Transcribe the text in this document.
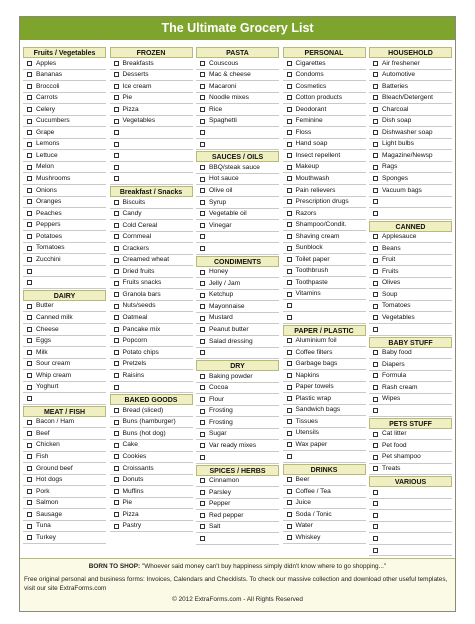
The Ultimate Grocery List
Fruits / Vegetables
Apples
Bananas
Broccoli
Carrots
Celery
Cucumbers
Grape
Lemons
Lettuce
Melon
Mushrooms
Onions
Oranges
Peaches
Peppers
Potatoes
Tomatoes
Zucchini
DAIRY
Butter
Canned milk
Cheese
Eggs
Milk
Sour cream
Whip cream
Yoghurt
MEAT / FISH
Bacon / Ham
Beef
Chicken
Fish
Ground beef
Hot dogs
Pork
Salmon
Sausage
Tuna
Turkey
FROZEN
Breakfasts
Desserts
Ice cream
Pie
Pizza
Vegetables
Breakfast / Snacks
Biscuits
Candy
Cold Cereal
Cornmeal
Crackers
Creamed wheat
Dried fruits
Fruits snacks
Granola bars
Nuts/seeds
Oatmeal
Pancake mix
Popcorn
Potato chips
Pretzels
Raisins
BAKED GOODS
Bread (sliced)
Buns (hamburger)
Buns (hot dog)
Cake
Cookies
Croissants
Donuts
Muffins
Pie
Pizza
Pastry
PASTA
Couscous
Mac & cheese
Macaroni
Noodle mixes
Rice
Spaghetti
SAUCES / OILS
BBQ/steak sauce
Hot sauce
Olive oil
Syrup
Vegetable oil
Vinegar
CONDIMENTS
Honey
Jelly / Jam
Ketchup
Mayonnaise
Mustard
Peanut butter
Salad dressing
DRY
Baking powder
Cocoa
Flour
Frosting
Frosting
Sugar
Var ready mixes
SPICES / HERBS
Cinnamon
Parsley
Pepper
Red pepper
Salt
PERSONAL
Cigarettes
Condoms
Cosmetics
Cotton products
Deodorant
Feminine
Floss
Hand soap
Insect repellent
Makeup
Mouthwash
Pain relievers
Prescription drugs
Razors
Shampoo/Condit.
Shaving cream
Sunblock
Toilet paper
Toothbrush
Toothpaste
Vitamins
PAPER / PLASTIC
Aluminium foil
Coffee filters
Garbage bags
Napkins
Paper towels
Plastic wrap
Sandwich bags
Tissues
Utensils
Wax paper
DRINKS
Beer
Coffee / Tea
Juice
Soda / Tonic
Water
Whiskey
HOUSEHOLD
Air freshener
Automotive
Batteries
Bleach/Detergent
Charcoal
Dish soap
Dishwasher soap
Light bulbs
Magazine/Newsp
Rags
Sponges
Vacuum bags
CANNED
Applesauce
Beans
Fruit
Fruits
Olives
Soup
Tomatoes
Vegetables
BABY STUFF
Baby food
Diapers
Formula
Rash cream
Wipes
PETS STUFF
Cat litter
Pet food
Pet shampoo
Treats
VARIOUS
BORN TO SHOP: "Whoever said money can't buy happiness simply didn't know where to go shopping..."
Free original personal and business forms: Invoices, Calendars and Checklists. To check our massive collection and download other useful templates, visit our site ExtraForms.com
© 2012 ExtraForms.com - All Rights Reserved
